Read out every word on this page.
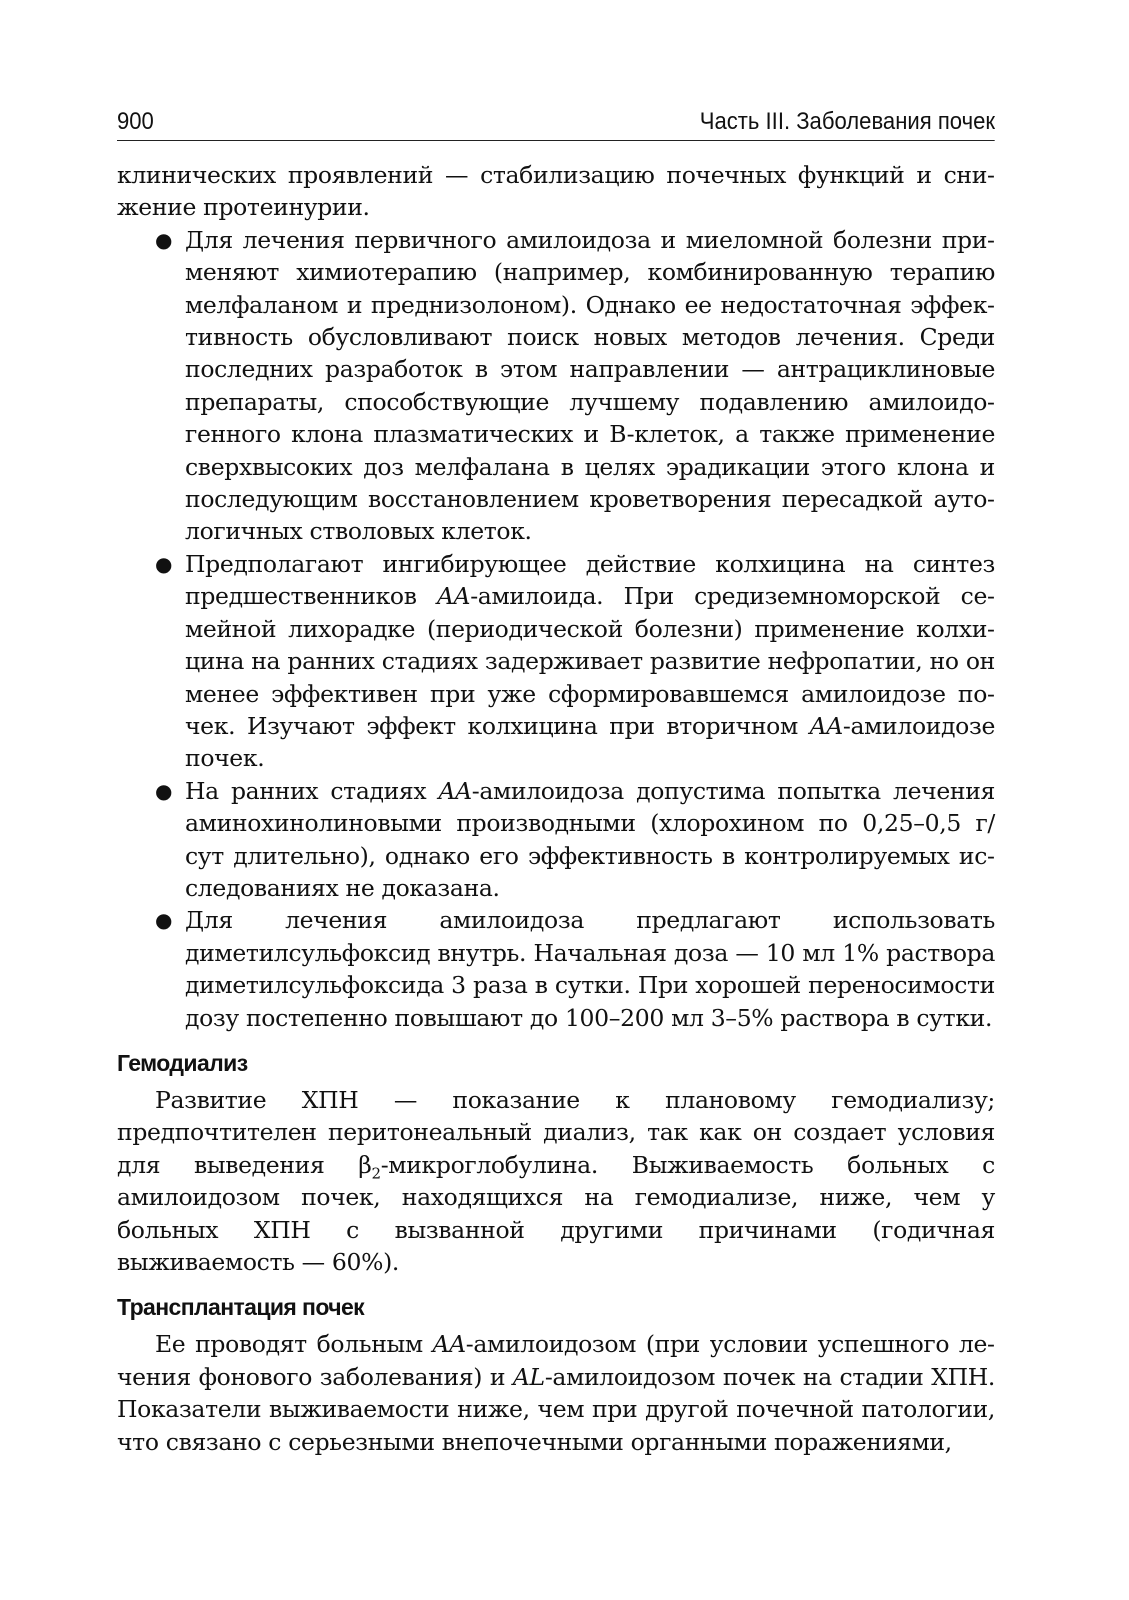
900	Часть III. Заболевания почек

клинических проявлений — стабилизацию почечных функций и снижение протеинурии.

● Для лечения первичного амилоидоза и миеломной болезни применяют химиотерапию (например, комбинированную терапию мелфаланом и преднизолоном). Однако ее недостаточная эффективность обусловливают поиск новых методов лечения. Среди последних разработок в этом направлении — антрациклиновые препараты, способствующие лучшему подавлению амилоидогенного клона плазматических и B-клеток, а также применение сверхвысоких доз мелфалана в целях эрадикации этого клона и последующим восстановлением кроветворения пересадкой аутологичных стволовых клеток.
● Предполагают ингибирующее действие колхицина на синтез предшественников AA-амилоида. При средиземноморской семейной лихорадке (периодической болезни) применение колхицина на ранних стадиях задерживает развитие нефропатии, но он менее эффективен при уже сформировавшемся амилоидозе почек. Изучают эффект колхицина при вторичном AA-амилоидозе почек.
● На ранних стадиях AA-амилоидоза допустима попытка лечения аминохинолиновыми производными (хлорохином по 0,25–0,5 г/ сут длительно), однако его эффективность в контролируемых исследованиях не доказана.
● Для лечения амилоидоза предлагают использовать диметилсульфоксид внутрь. Начальная доза — 10 мл 1% раствора диметилсульфоксида 3 раза в сутки. При хорошей переносимости дозу постепенно повышают до 100–200 мл 3–5% раствора в сутки.
Гемодиализ

Развитие ХПН — показание к плановому гемодиализу; предпочтителен перитонеальный диализ, так как он создает условия для выведения $\beta_2$-микроглобулина. Выживаемость больных с амилоидозом почек, находящихся на гемодиализе, ниже, чем у больных ХПН с вызванной другими причинами (годичная выживаемость — 60%).

Трансплантация почек

Ее проводят больным AA-амилоидозом (при условии успешного лечения фонового заболевания) и AL-амилоидозом почек на стадии ХПН. Показатели выживаемости ниже, чем при другой почечной патологии, что связано с серьезными внепочечными органными поражениями,
